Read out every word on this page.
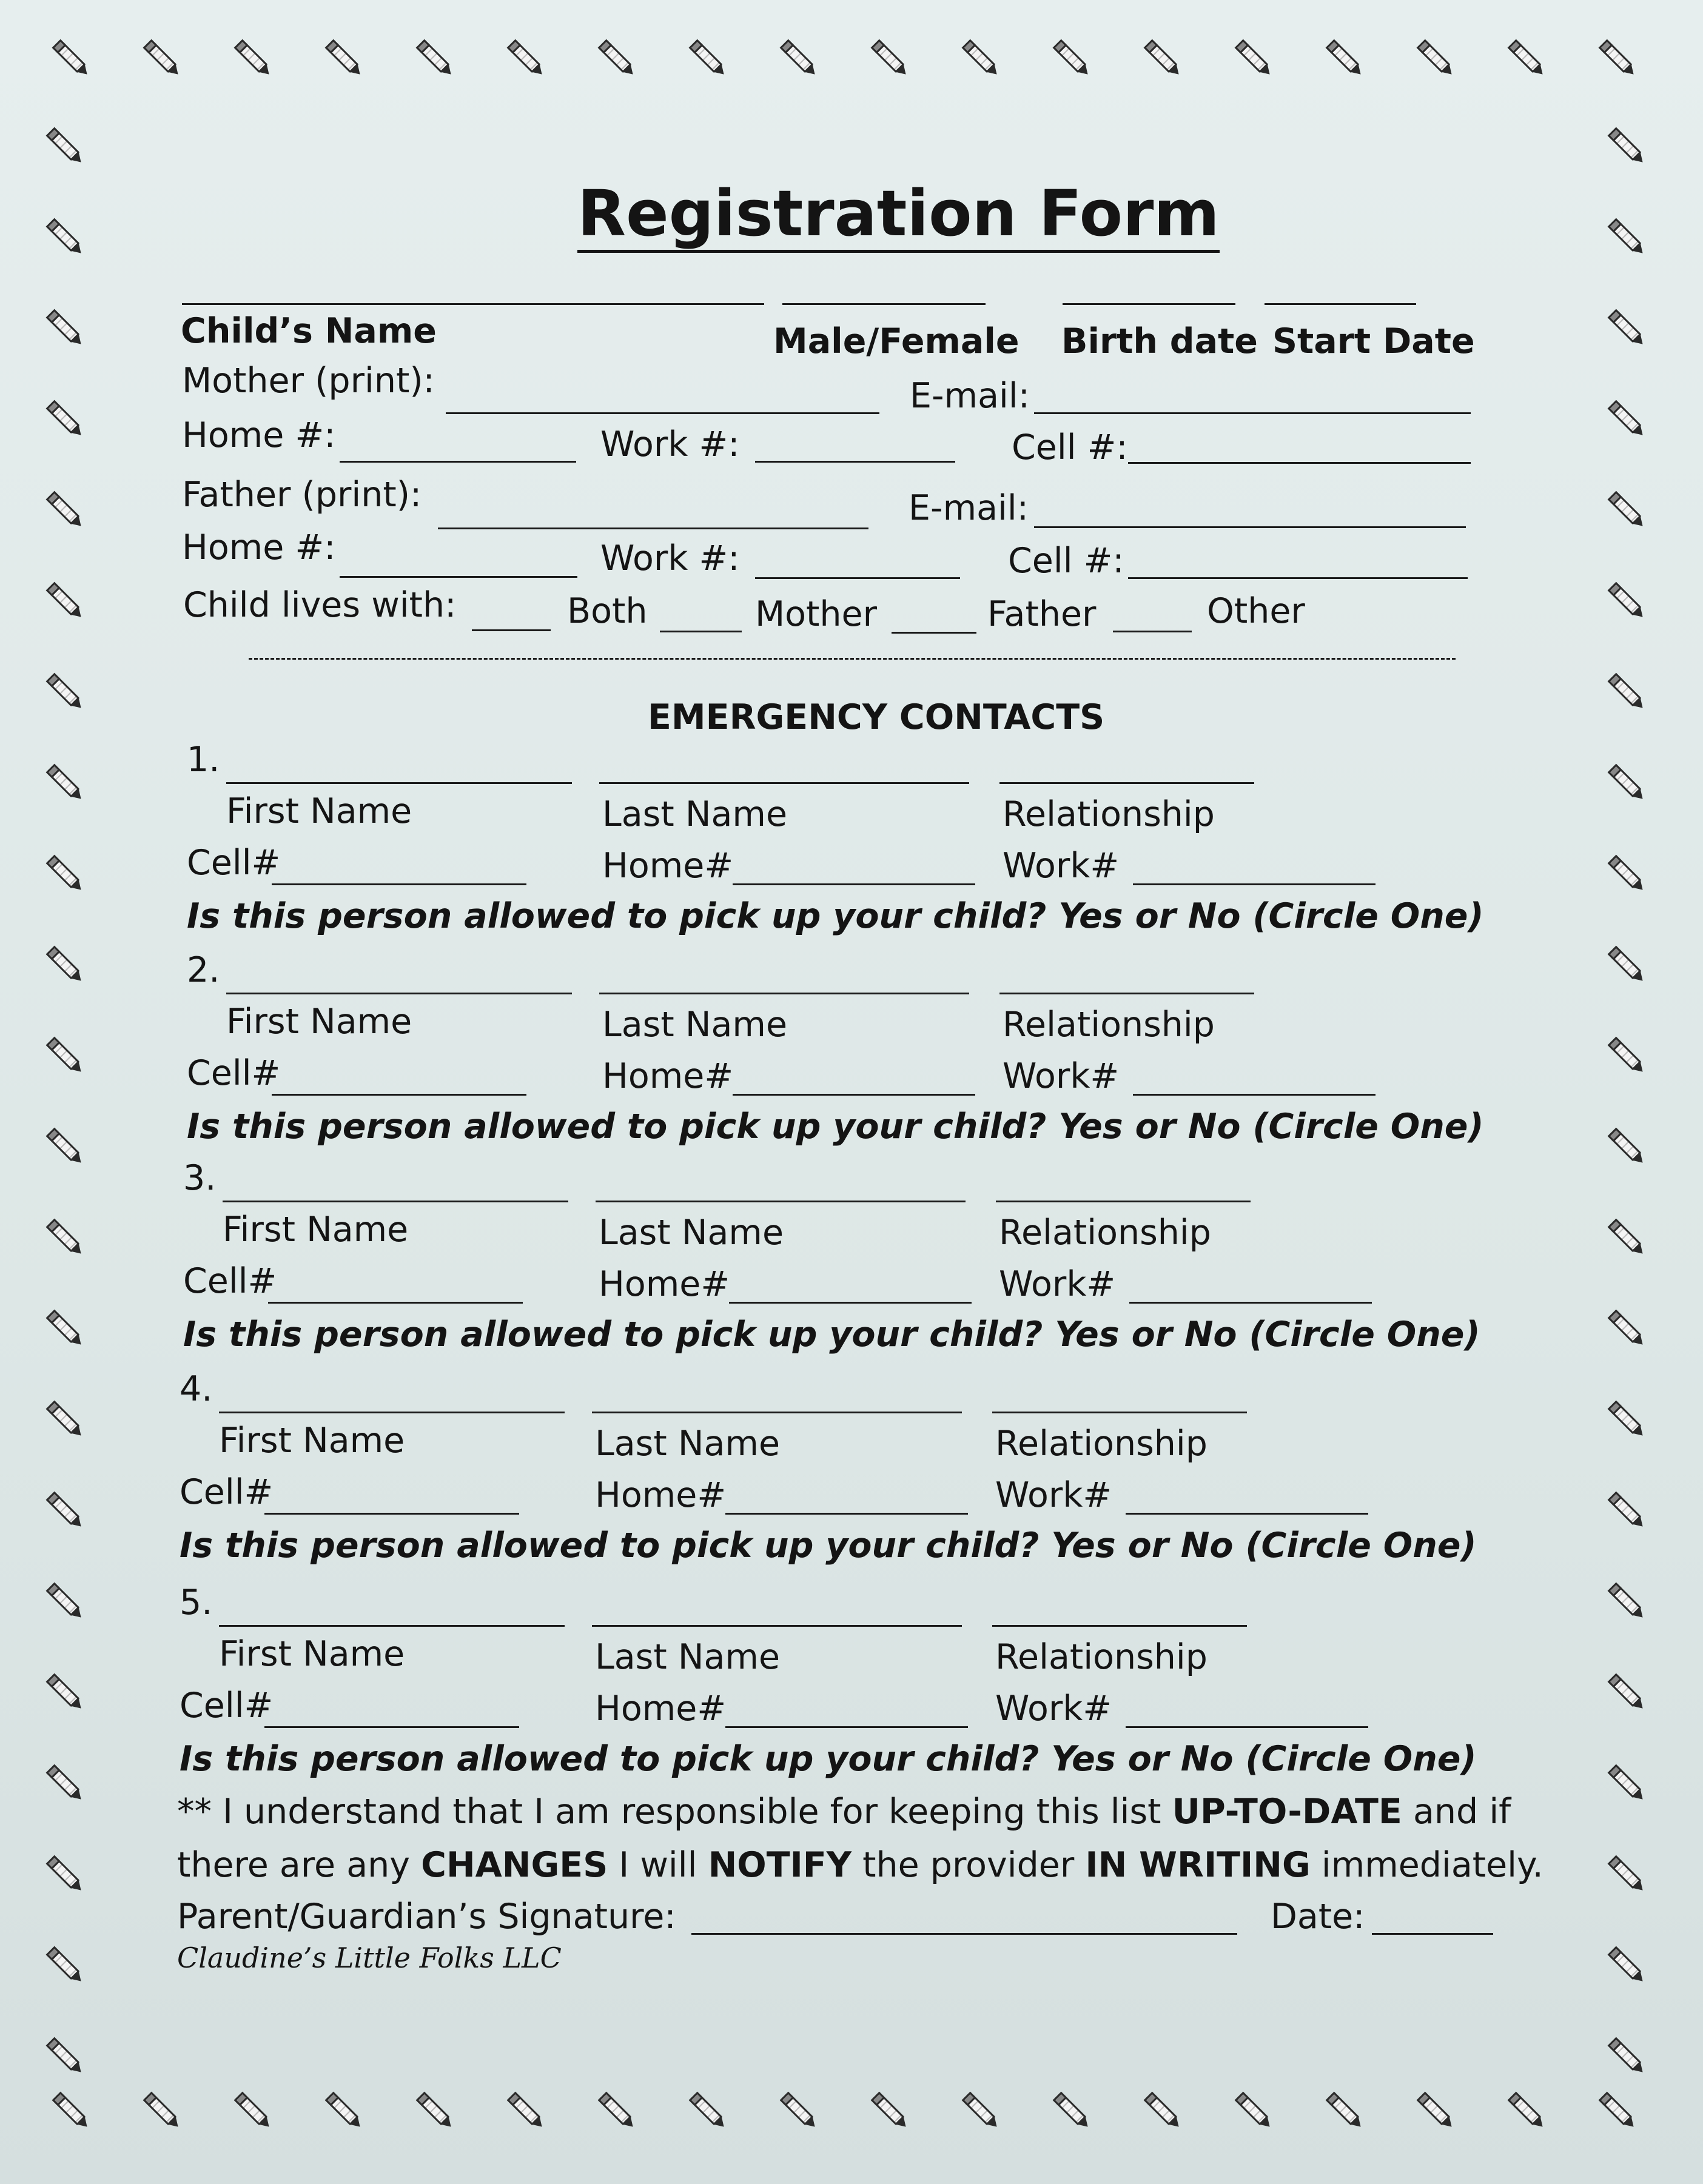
Registration Form
Child’s Name	Male/Female Birth date Start Date
Mother (print):	E-mail:
Home #:	Work #:	Cell #:
Father (print):	E-mail:
Home #:	Work #:	Cell #:
Child lives with:	Both	Mother	Father	Other
EMERGENCY CONTACTS
1.
First Name	Last Name	Relationship
Cell#	Home#	Work#
Is this person allowed to pick up your child? Yes or No (Circle One)
2.
First Name	Last Name	Relationship
Cell#	Home#	Work#
Is this person allowed to pick up your child? Yes or No (Circle One)
3.
First Name	Last Name	Relationship
Cell#	Home#	Work#
Is this person allowed to pick up your child? Yes or No (Circle One)
4.
First Name	Last Name	Relationship
Cell#	Home#	Work#
Is this person allowed to pick up your child? Yes or No (Circle One)
5.
First Name	Last Name	Relationship
Cell#	Home#	Work#
Is this person allowed to pick up your child? Yes or No (Circle One)
** I understand that I am responsible for keeping this list UP-TO-DATE and if
there are any CHANGES I will NOTIFY the provider IN WRITING immediately.
Parent/Guardian’s Signature:	Date:
Claudine’s Little Folks LLC
